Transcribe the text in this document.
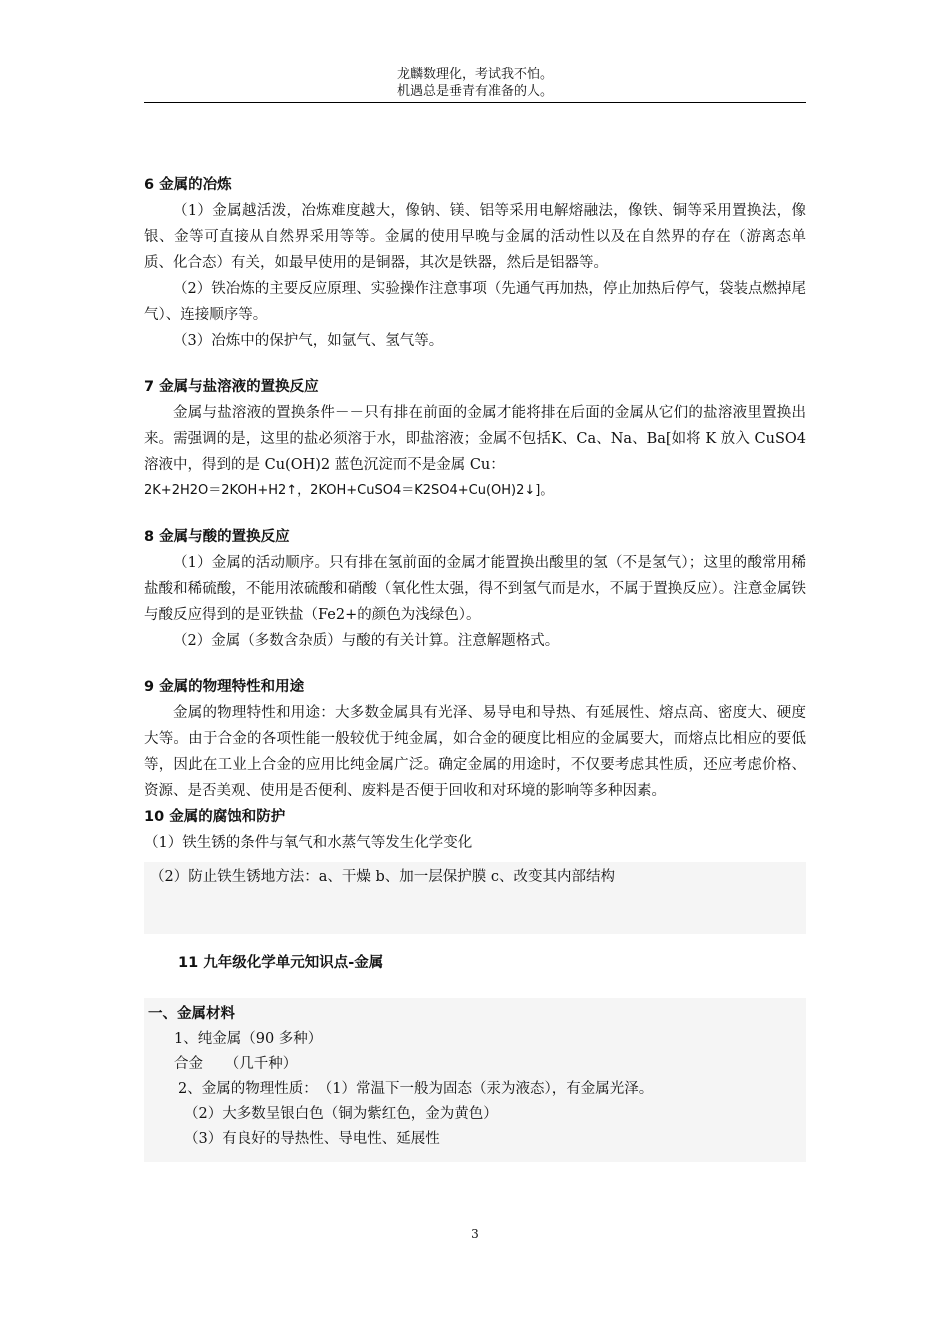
龙麟数理化，考试我不怕。
机遇总是垂青有准备的人。
6 金属的冶炼

（1）金属越活泼，冶炼难度越大，像钠、镁、铝等采用电解熔融法，像铁、铜等采用置换法，像银、金等可直接从自然界采用等等。金属的使用早晚与金属的活动性以及在自然界的存在（游离态单质、化合态）有关，如最早使用的是铜器，其次是铁器，然后是铝器等。

（2）铁冶炼的主要反应原理、实验操作注意事项（先通气再加热，停止加热后停气，袋装点燃掉尾气）、连接顺序等。

（3）冶炼中的保护气，如氩气、氢气等。

7 金属与盐溶液的置换反应

金属与盐溶液的置换条件－－只有排在前面的金属才能将排在后面的金属从它们的盐溶液里置换出来。需强调的是，这里的盐必须溶于水，即盐溶液；金属不包括K、Ca、Na、Ba[如将 K 放入 CuSO4 溶液中，得到的是 Cu(OH)2 蓝色沉淀而不是金属 Cu：

2K+2H2O＝2KOH+H2↑，2KOH+CuSO4＝K2SO4+Cu(OH)2↓]。

8 金属与酸的置换反应

（1）金属的活动顺序。只有排在氢前面的金属才能置换出酸里的氢（不是氢气）；这里的酸常用稀盐酸和稀硫酸，不能用浓硫酸和硝酸（氧化性太强，得不到氢气而是水，不属于置换反应）。注意金属铁与酸反应得到的是亚铁盐（Fe2+的颜色为浅绿色）。

（2）金属（多数含杂质）与酸的有关计算。注意解题格式。

9 金属的物理特性和用途

金属的物理特性和用途：大多数金属具有光泽、易导电和导热、有延展性、熔点高、密度大、硬度大等。由于合金的各项性能一般较优于纯金属，如合金的硬度比相应的金属要大，而熔点比相应的要低等，因此在工业上合金的应用比纯金属广泛。确定金属的用途时，不仅要考虑其性质，还应考虑价格、资源、是否美观、使用是否便利、废料是否便于回收和对环境的影响等多种因素。

10 金属的腐蚀和防护

（1）铁生锈的条件与氧气和水蒸气等发生化学变化

（2）防止铁生锈地方法：a、干燥 b、加一层保护膜 c、改变其内部结构

11 九年级化学单元知识点-金属
一、金属材料
1、纯金属（90 多种）
合金　　（几千种）
2、金属的物理性质：　（1）常温下一般为固态（汞为液态），有金属光泽。
（2）大多数呈银白色（铜为紫红色，金为黄色）
（3）有良好的导热性、导电性、延展性
3
